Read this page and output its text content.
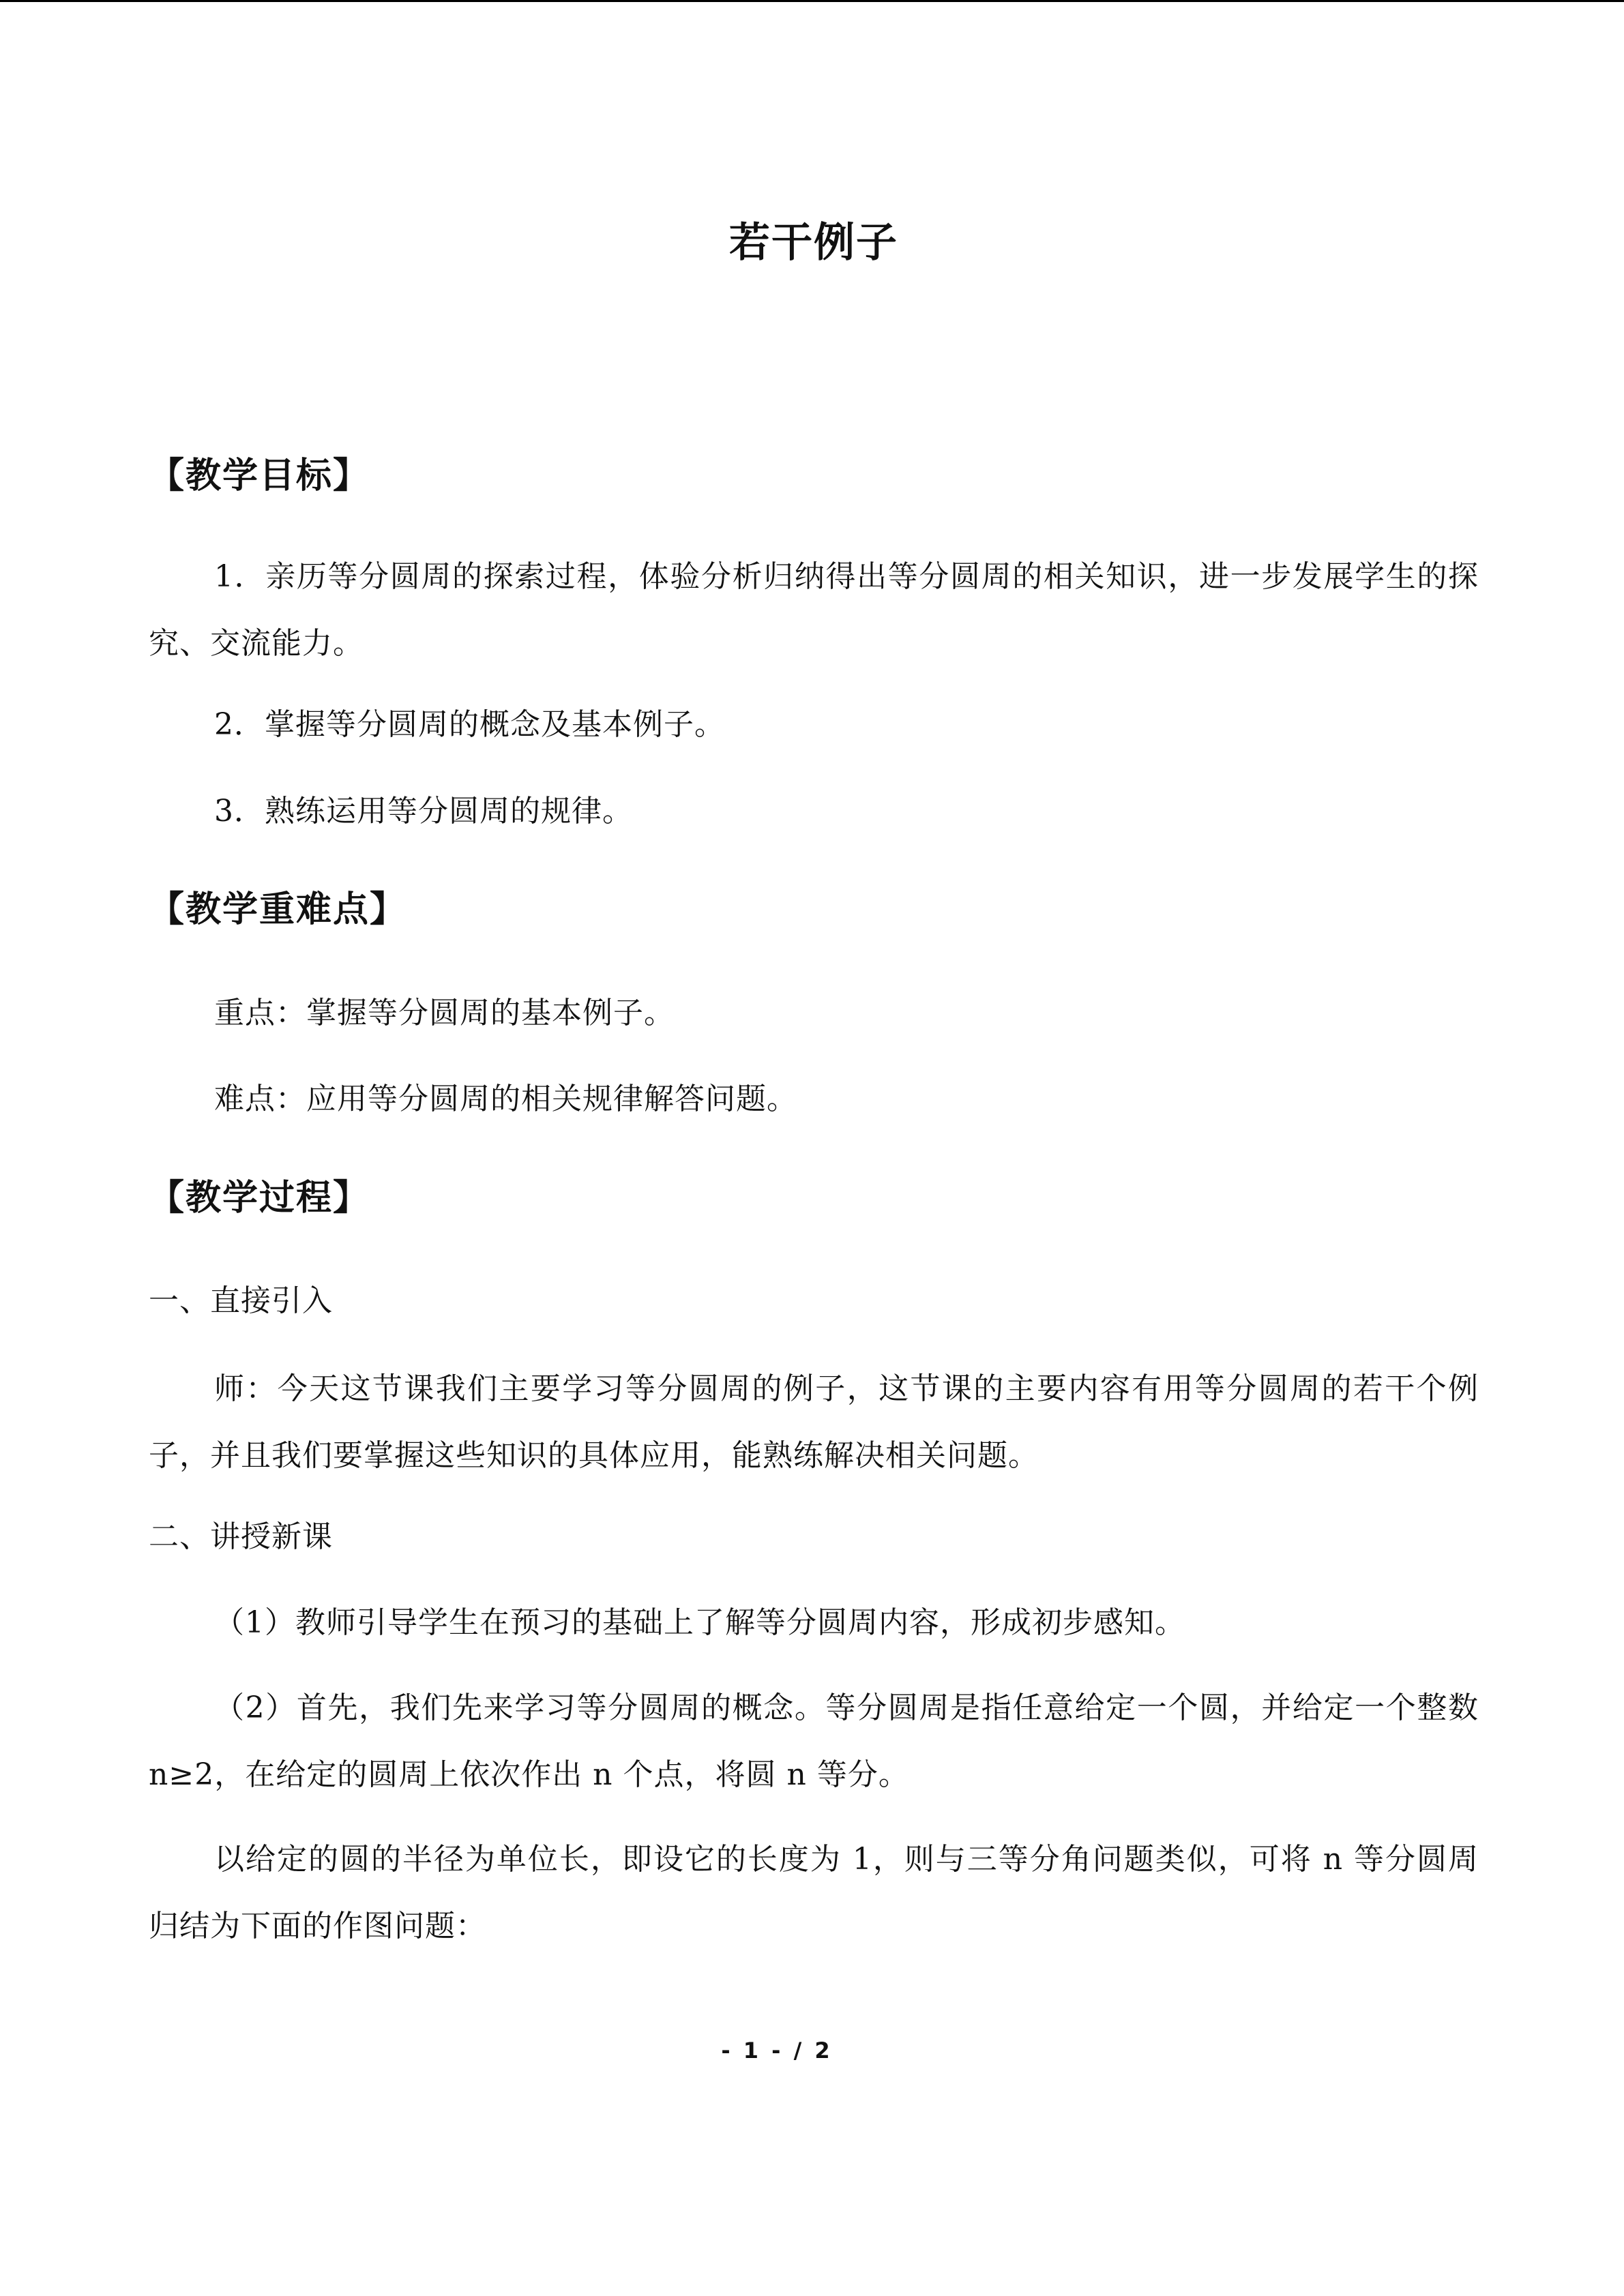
若干例子
【教学目标】
1．亲历等分圆周的探索过程，体验分析归纳得出等分圆周的相关知识，进一步发展学生的探究、交流能力。
2．掌握等分圆周的概念及基本例子。
3．熟练运用等分圆周的规律。
【教学重难点】
重点：掌握等分圆周的基本例子。
难点：应用等分圆周的相关规律解答问题。
【教学过程】
一、直接引入
师：今天这节课我们主要学习等分圆周的例子，这节课的主要内容有用等分圆周的若干个例子，并且我们要掌握这些知识的具体应用，能熟练解决相关问题。
二、讲授新课
（1）教师引导学生在预习的基础上了解等分圆周内容，形成初步感知。
（2）首先，我们先来学习等分圆周的概念。等分圆周是指任意给定一个圆，并给定一个整数 n≥2，在给定的圆周上依次作出 n 个点，将圆 n 等分。
以给定的圆的半径为单位长，即设它的长度为 1，则与三等分角问题类似，可将 n 等分圆周归结为下面的作图问题：
- 1 - / 2
